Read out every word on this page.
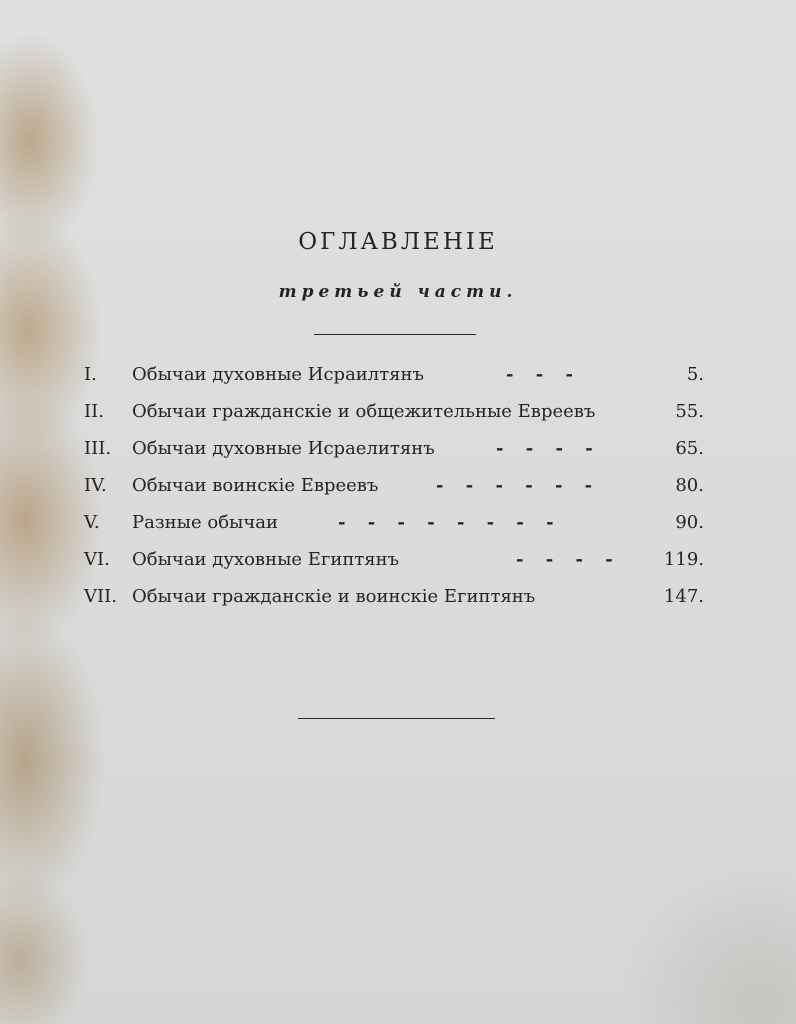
ОГЛАВЛЕНІЕ
третьей части.
I. Обычаи духовные Исраилтянъ	- - -	5.
II. Обычаи гражданскіе и общежительные Евреевъ	55.
III. Обычаи духовные Исраелитянъ	- - - -	65.
IV. Обычаи воинскіе Евреевъ	- - - - - -	80.
V. Разные обычаи	- - - - - - - -	90.
VI. Обычаи духовные Египтянъ	- - - -	119.
VII. Обычаи гражданскіе и воинскіе Египтянъ	147.
